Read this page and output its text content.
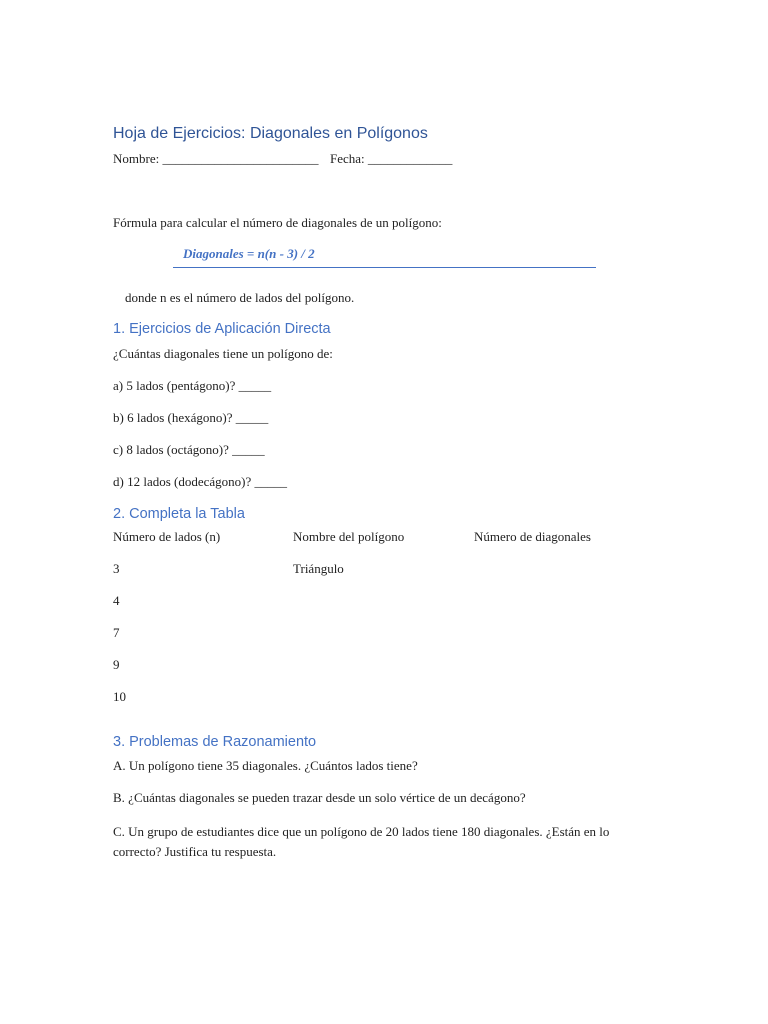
Hoja de Ejercicios: Diagonales en Polígonos
Nombre: ________________________ Fecha: _____________
Fórmula para calcular el número de diagonales de un polígono:
Diagonales = n(n - 3) / 2
donde n es el número de lados del polígono.
1. Ejercicios de Aplicación Directa
¿Cuántas diagonales tiene un polígono de:
a) 5 lados (pentágono)? _____
b) 6 lados (hexágono)? _____
c) 8 lados (octágono)? _____
d) 12 lados (dodecágono)? _____
2. Completa la Tabla
Número de lados (n)	Nombre del polígono	Número de diagonales
3	Triángulo
4
7
9
10
3. Problemas de Razonamiento
A. Un polígono tiene 35 diagonales. ¿Cuántos lados tiene?
B. ¿Cuántas diagonales se pueden trazar desde un solo vértice de un decágono?
C. Un grupo de estudiantes dice que un polígono de 20 lados tiene 180 diagonales. ¿Están en lo correcto? Justifica tu respuesta.
